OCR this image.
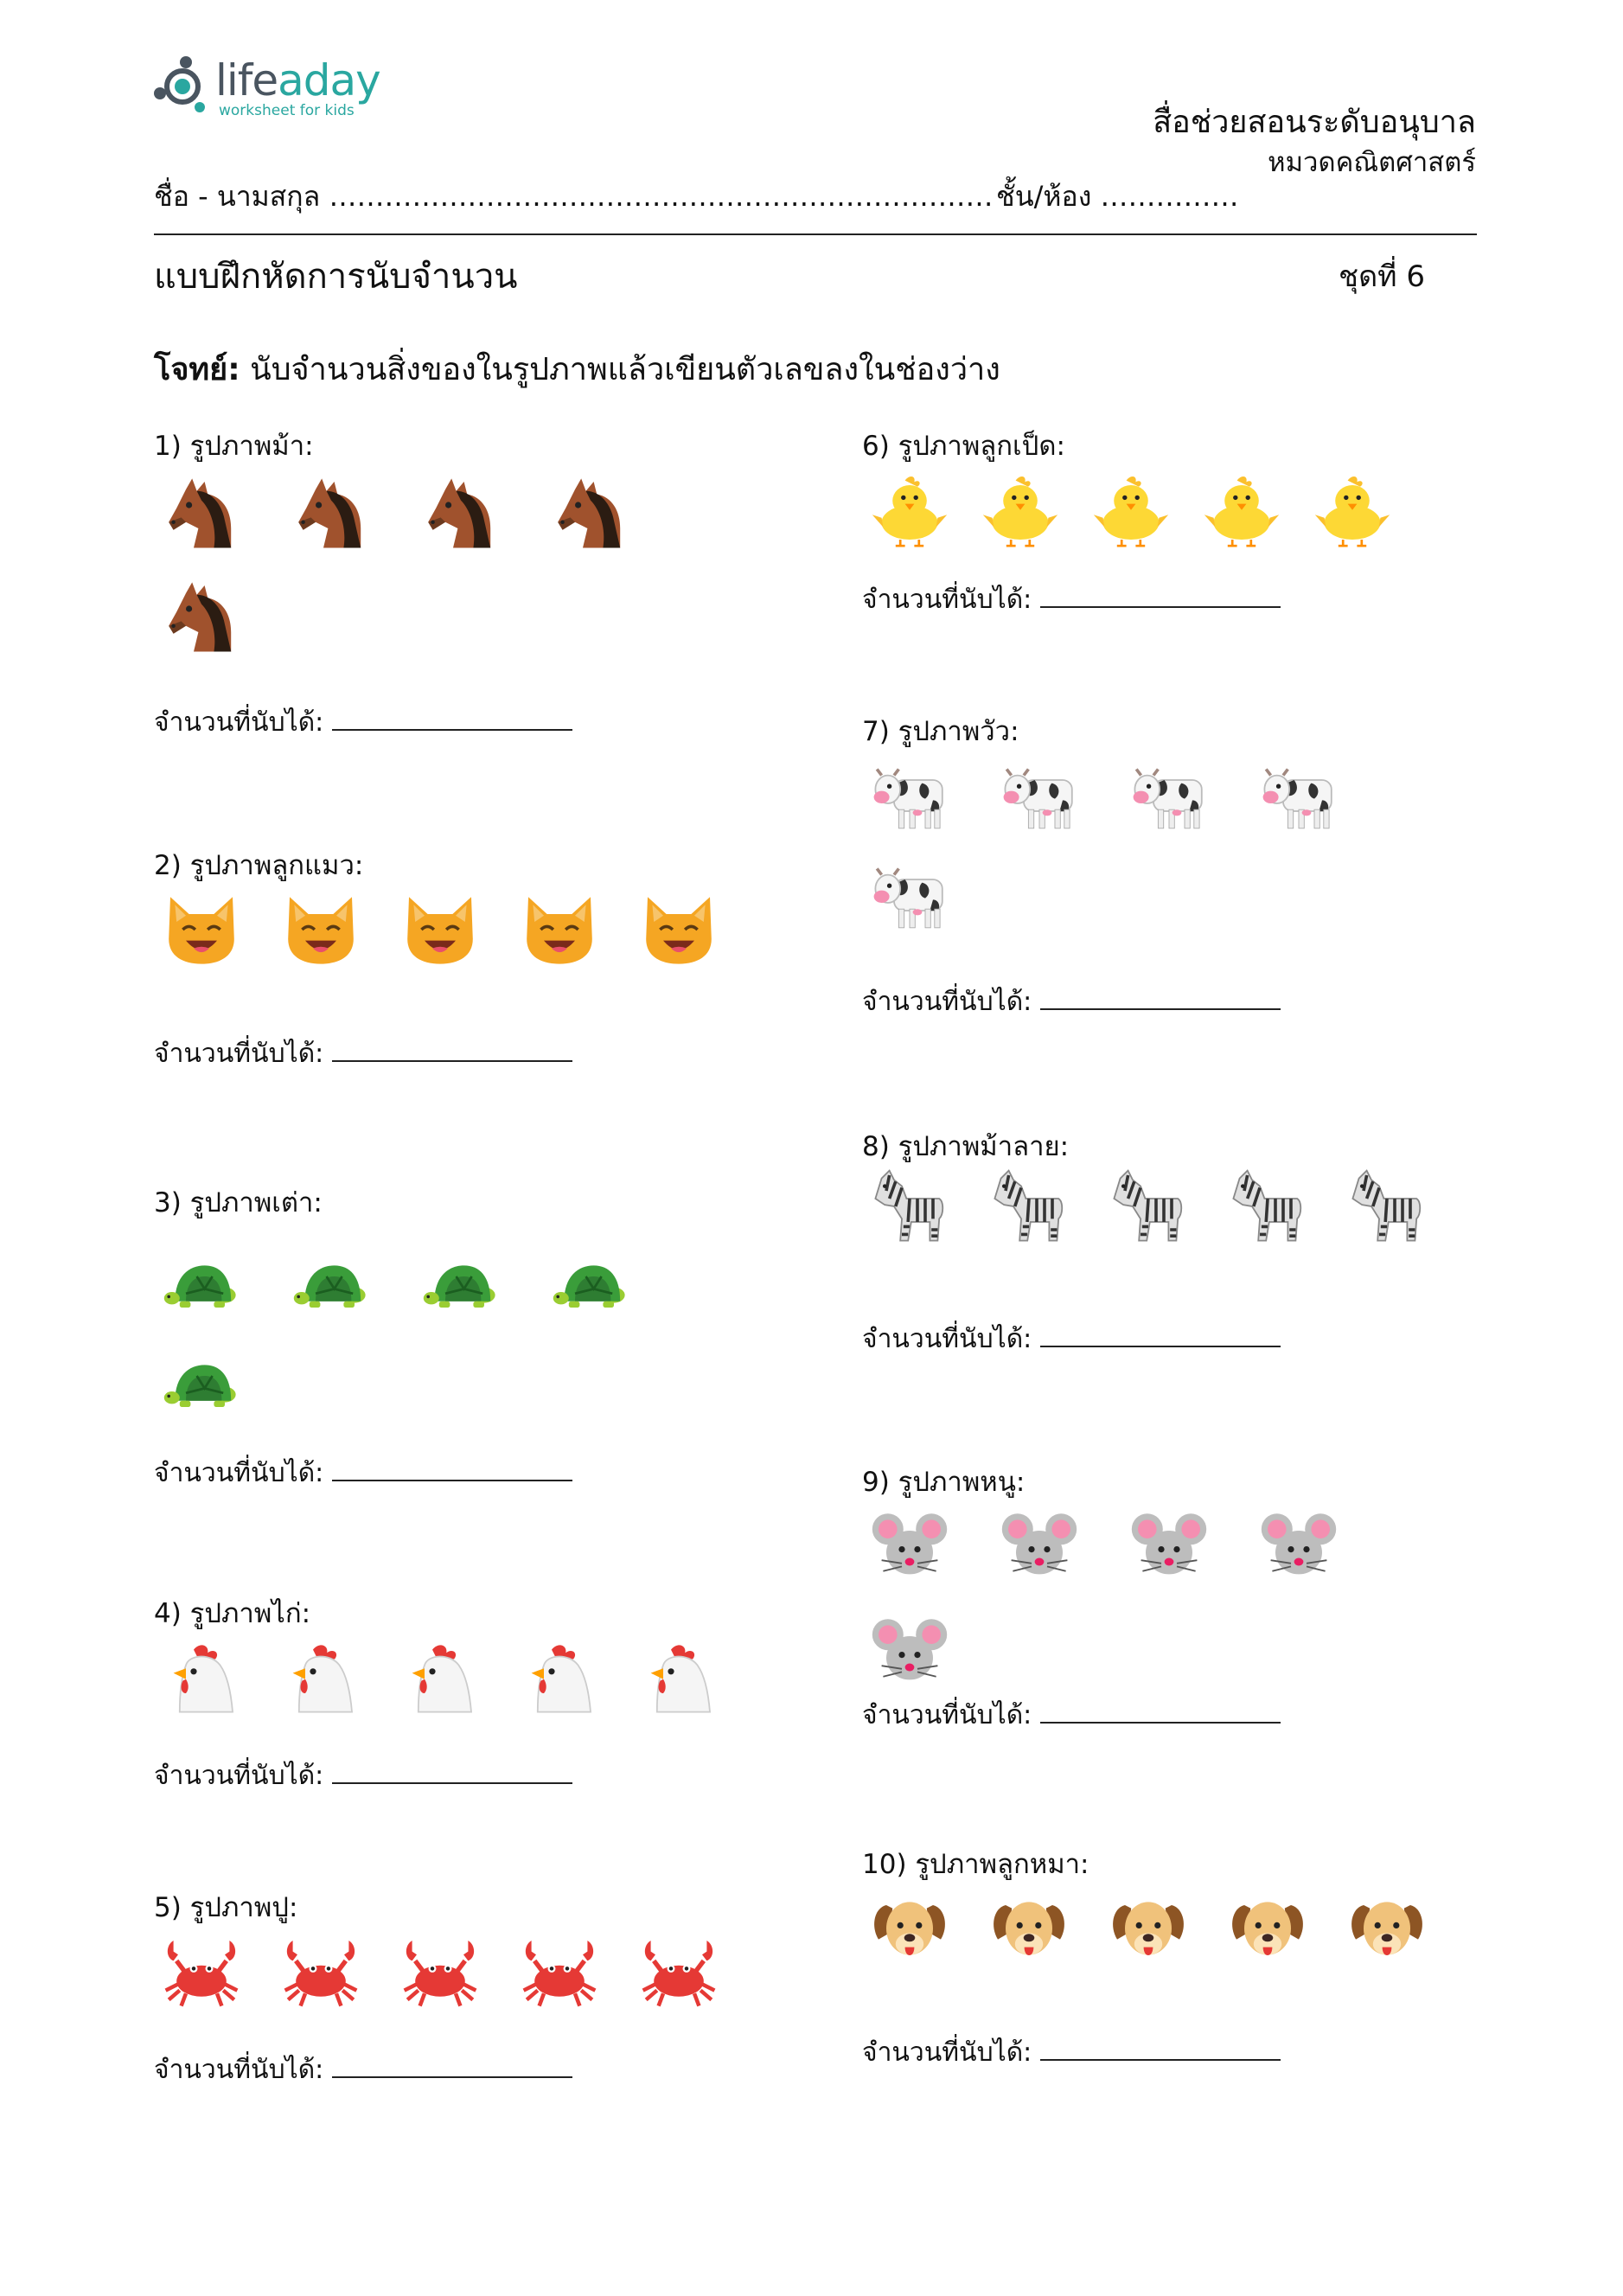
lifeaday
worksheet for kids	สื่อช่วยสอนระดับอนุบาล
หมวดคณิตศาสตร์
ชื่อ - นามสกุล ……………………………………………………………… ชั้น/ห้อง ……………
แบบฝึกหัดการนับจำนวน	ชุดที่ 6
โจทย์: นับจำนวนสิ่งของในรูปภาพแล้วเขียนตัวเลขลงในช่องว่าง
1) รูปภาพม้า:
จำนวนที่นับได้:
2) รูปภาพลูกแมว:
จำนวนที่นับได้:
3) รูปภาพเต่า:
จำนวนที่นับได้:
4) รูปภาพไก่:
จำนวนที่นับได้:
5) รูปภาพปู:
จำนวนที่นับได้:
6) รูปภาพลูกเป็ด:
จำนวนที่นับได้:
7) รูปภาพวัว:
จำนวนที่นับได้:
8) รูปภาพม้าลาย:
จำนวนที่นับได้:
9) รูปภาพหนู:
จำนวนที่นับได้:
10) รูปภาพลูกหมา:
จำนวนที่นับได้:
